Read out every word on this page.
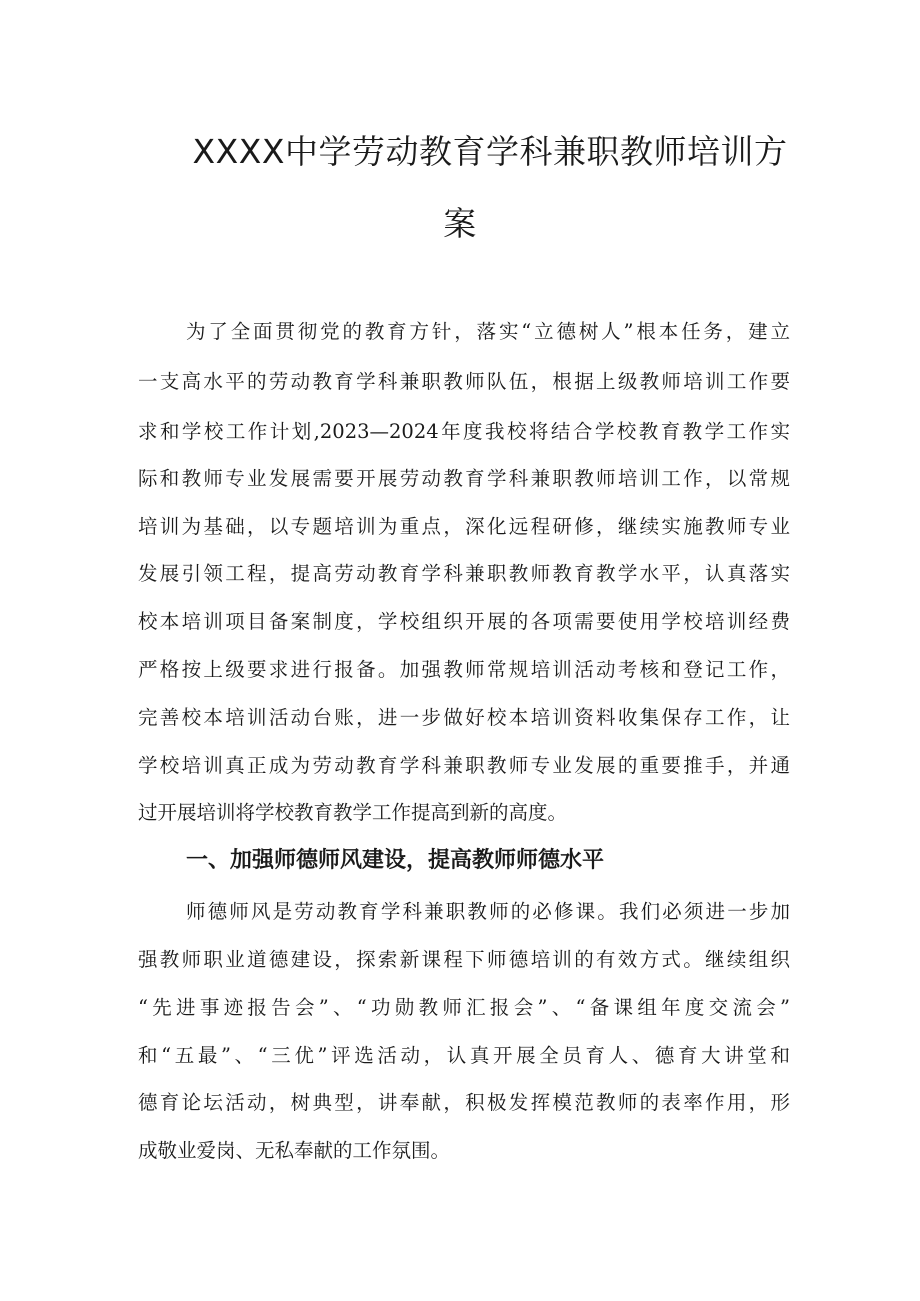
XXXX中学劳动教育学科兼职教师培训方
案
为了全面贯彻党的教育方针，落实“立德树人”根本任务，建立
一支高水平的劳动教育学科兼职教师队伍，根据上级教师培训工作要
求和学校工作计划,2023—2024年度我校将结合学校教育教学工作实
际和教师专业发展需要开展劳动教育学科兼职教师培训工作，以常规
培训为基础，以专题培训为重点，深化远程研修，继续实施教师专业
发展引领工程，提高劳动教育学科兼职教师教育教学水平，认真落实
校本培训项目备案制度，学校组织开展的各项需要使用学校培训经费
严格按上级要求进行报备。加强教师常规培训活动考核和登记工作，
完善校本培训活动台账，进一步做好校本培训资料收集保存工作，让
学校培训真正成为劳动教育学科兼职教师专业发展的重要推手，并通
过开展培训将学校教育教学工作提高到新的高度。
一、加强师德师风建设，提高教师师德水平
师德师风是劳动教育学科兼职教师的必修课。我们必须进一步加
强教师职业道德建设，探索新课程下师德培训的有效方式。继续组织
“先进事迹报告会”、“功勋教师汇报会”、“备课组年度交流会”
和“五最”、“三优”评选活动，认真开展全员育人、德育大讲堂和
德育论坛活动，树典型，讲奉献，积极发挥模范教师的表率作用，形
成敬业爱岗、无私奉献的工作氛围。
